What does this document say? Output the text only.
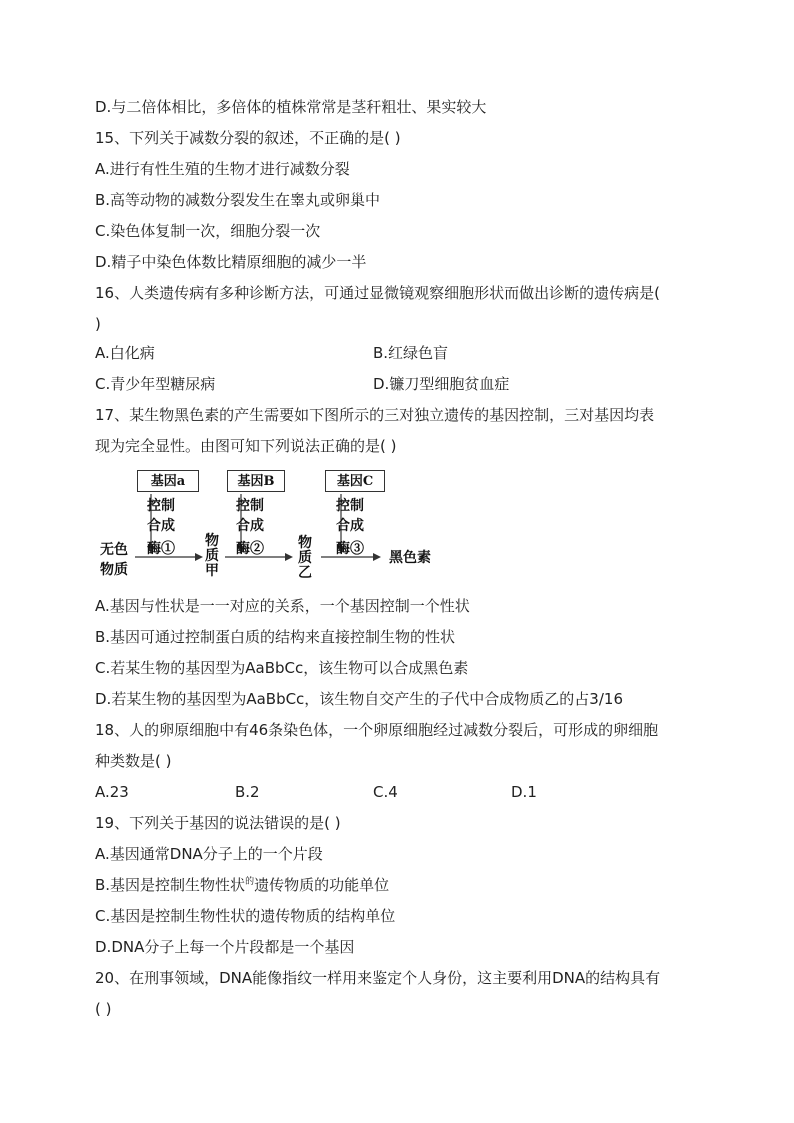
D.与二倍体相比，多倍体的植株常常是茎秆粗壮、果实较大
15、下列关于减数分裂的叙述，不正确的是( )
A.进行有性生殖的生物才进行减数分裂
B.高等动物的减数分裂发生在睾丸或卵巢中
C.染色体复制一次，细胞分裂一次
D.精子中染色体数比精原细胞的减少一半
16、人类遗传病有多种诊断方法，可通过显微镜观察细胞形状而做出诊断的遗传病是(
)
A.白化病	B.红绿色盲
C.青少年型糖尿病	D.镰刀型细胞贫血症
17、某生物黑色素的产生需要如下图所示的三对独立遗传的基因控制，三对基因均表
现为完全显性。由图可知下列说法正确的是( )
基因a	基因B	基因C
控制
合成
酶①
控制
合成
酶②
控制
合成
酶③
无色
物质
物质甲
物质乙
黑色素
A.基因与性状是一一对应的关系，一个基因控制一个性状
B.基因可通过控制蛋白质的结构来直接控制生物的性状
C.若某生物的基因型为AaBbCc，该生物可以合成黑色素
D.若某生物的基因型为AaBbCc，该生物自交产生的子代中合成物质乙的占3/16
18、人的卵原细胞中有46条染色体，一个卵原细胞经过减数分裂后，可形成的卵细胞
种类数是( )
A.23	B.2	C.4	D.1
19、下列关于基因的说法错误的是( )
A.基因通常DNA分子上的一个片段
B.基因是控制生物性状$^的$遗传物质的功能单位
C.基因是控制生物性状的遗传物质的结构单位
D.DNA分子上每一个片段都是一个基因
20、在刑事领域，DNA能像指纹一样用来鉴定个人身份，这主要利用DNA的结构具有
( )
